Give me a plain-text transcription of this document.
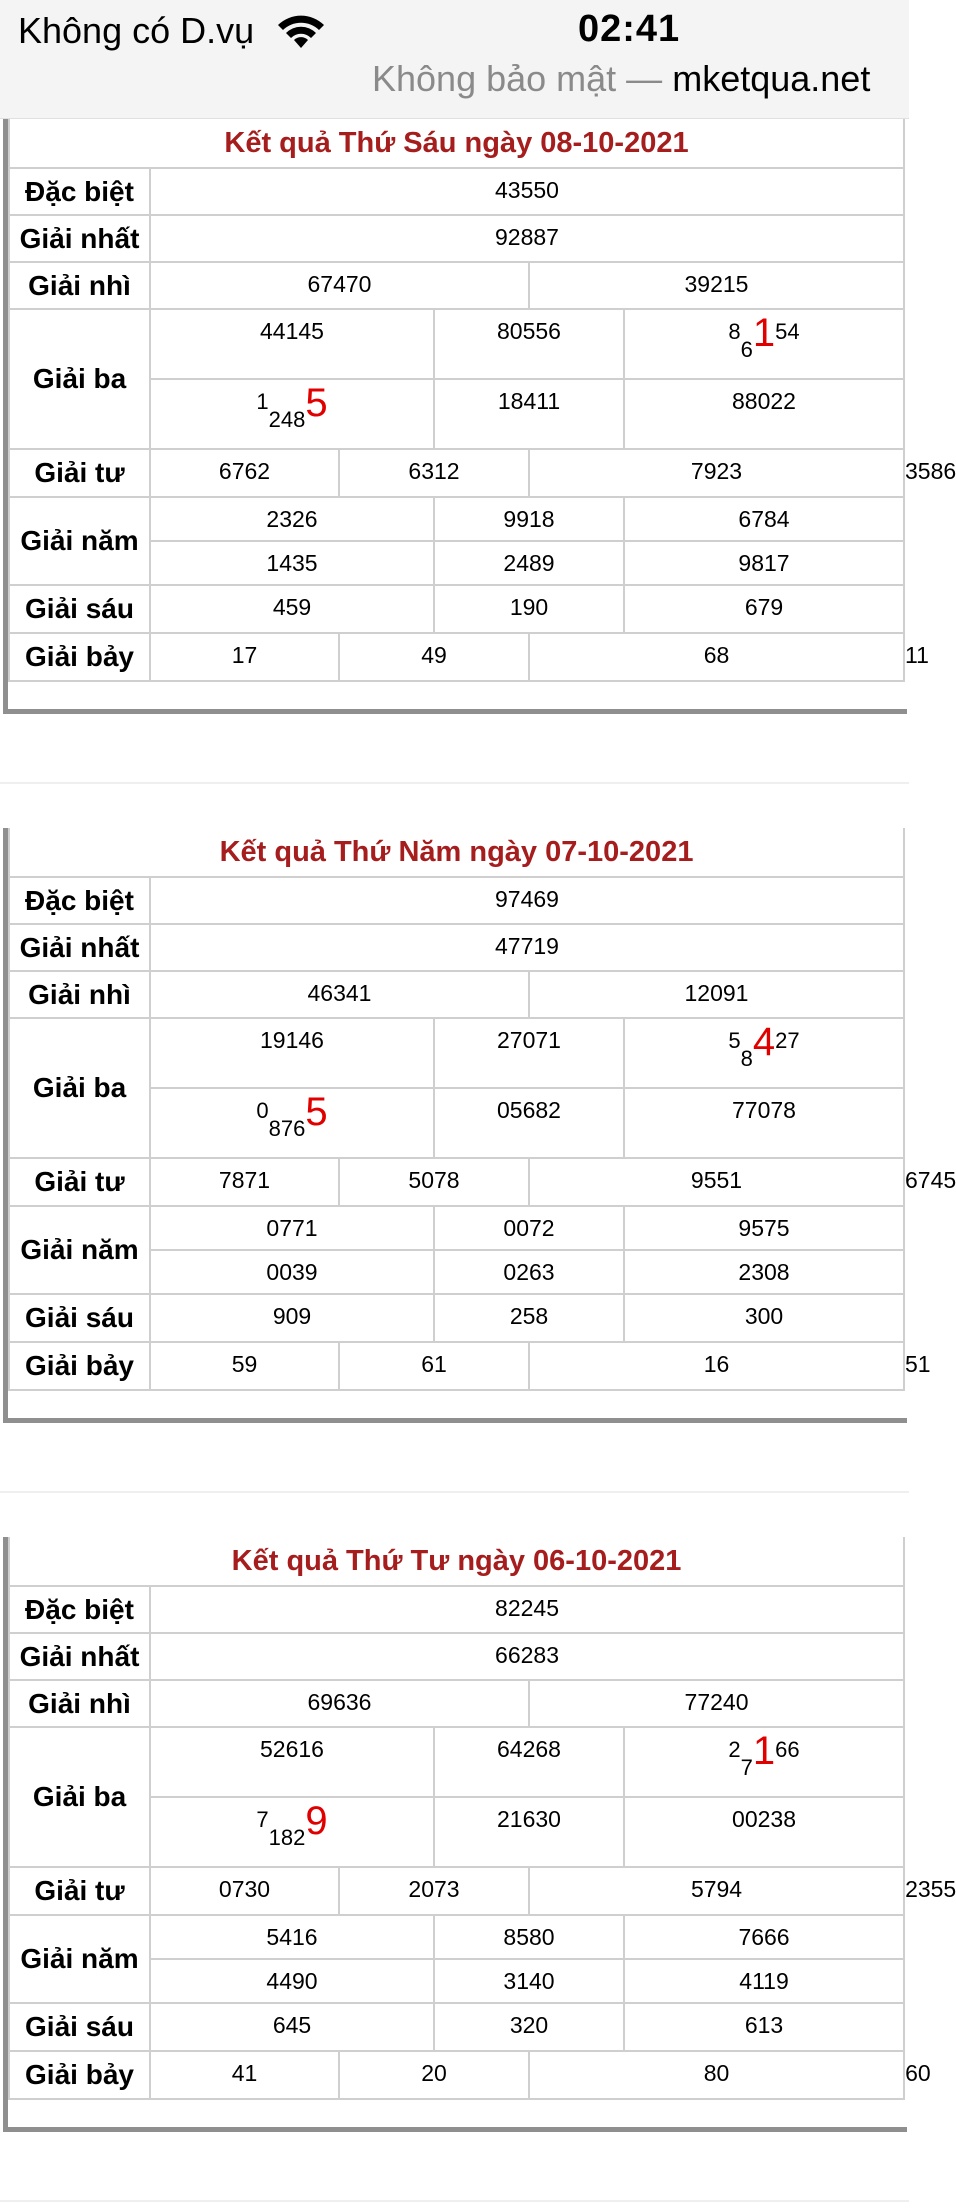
Không có D.vụ	02:41
Không bảo mật — mketqua.net
Kết quả Thứ Sáu ngày 08-10-2021						
Đặc biệt	43550					
Giải nhất	92887					
Giải nhì	67470			39215		
Giải ba	44145		80556		86154	
	12485		18411		88022	
Giải tư	6762	6312		7923		3586
Giải năm	2326		9918		6784	
	1435		2489		9817	
Giải sáu	459		190		679	
Giải bảy	17	49		68		11
Kết quả Thứ Năm ngày 07-10-2021						
Đặc biệt	97469					
Giải nhất	47719					
Giải nhì	46341			12091		
Giải ba	19146		27071		58427	
	08765		05682		77078	
Giải tư	7871	5078		9551		6745
Giải năm	0771		0072		9575	
	0039		0263		2308	
Giải sáu	909		258		300	
Giải bảy	59	61		16		51
Kết quả Thứ Tư ngày 06-10-2021						
Đặc biệt	82245					
Giải nhất	66283					
Giải nhì	69636			77240		
Giải ba	52616		64268		27166	
	71829		21630		00238	
Giải tư	0730	2073		5794		2355
Giải năm	5416		8580		7666	
	4490		3140		4119	
Giải sáu	645		320		613	
Giải bảy	41	20		80		60
